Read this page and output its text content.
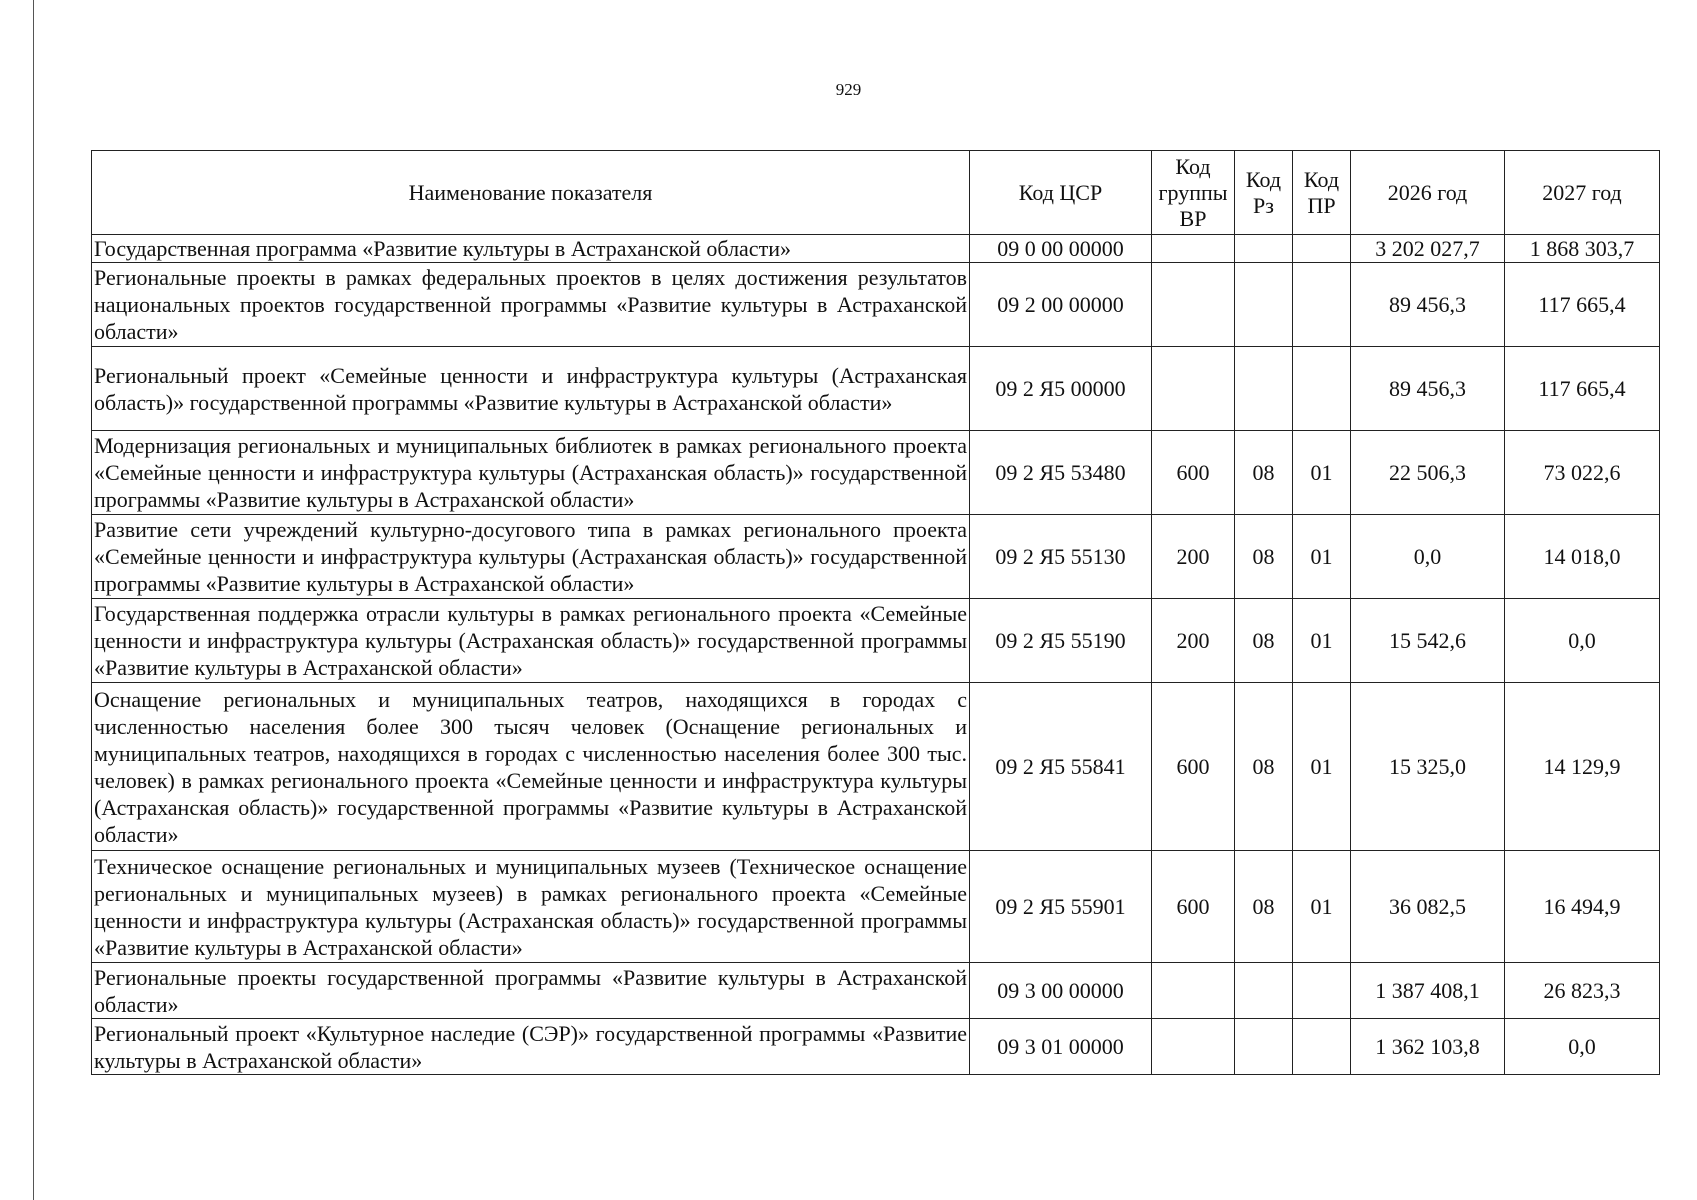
929
Наименование показателя	Код ЦСР	Код группы ВР	Код Рз	Код ПР	2026 год	2027 год
Государственная программа «Развитие культуры в Астраханской области»	09 0 00 00000				3 202 027,7	1 868 303,7
Региональные проекты в рамках федеральных проектов в целях достижения результатов национальных проектов государственной программы «Развитие культуры в Астраханской области»	09 2 00 00000				89 456,3	117 665,4
Региональный проект «Семейные ценности и инфраструктура культуры (Астраханская область)» государственной программы «Развитие культуры в Астраханской области»	09 2 Я5 00000				89 456,3	117 665,4
Модернизация региональных и муниципальных библиотек в рамках регионального проекта «Семейные ценности и инфраструктура культуры (Астраханская область)» государственной программы «Развитие культуры в Астраханской области»	09 2 Я5 53480	600	08	01	22 506,3	73 022,6
Развитие сети учреждений культурно-досугового типа в рамках регионального проекта «Семейные ценности и инфраструктура культуры (Астраханская область)» государственной программы «Развитие культуры в Астраханской области»	09 2 Я5 55130	200	08	01	0,0	14 018,0
Государственная поддержка отрасли культуры в рамках регионального проекта «Семейные ценности и инфраструктура культуры (Астраханская область)» государственной программы «Развитие культуры в Астраханской области»	09 2 Я5 55190	200	08	01	15 542,6	0,0
Оснащение региональных и муниципальных театров, находящихся в городах с численностью населения более 300 тысяч человек (Оснащение региональных и муниципальных театров, находящихся в городах с численностью населения более 300 тыс. человек) в рамках регионального проекта «Семейные ценности и инфраструктура культуры (Астраханская область)» государственной программы «Развитие культуры в Астраханской области»	09 2 Я5 55841	600	08	01	15 325,0	14 129,9
Техническое оснащение региональных и муниципальных музеев (Техническое оснащение региональных и муниципальных музеев) в рамках регионального проекта «Семейные ценности и инфраструктура культуры (Астраханская область)» государственной программы «Развитие культуры в Астраханской области»	09 2 Я5 55901	600	08	01	36 082,5	16 494,9
Региональные проекты государственной программы «Развитие культуры в Астраханской области»	09 3 00 00000				1 387 408,1	26 823,3
Региональный проект «Культурное наследие (СЭР)» государственной программы «Развитие культуры в Астраханской области»	09 3 01 00000				1 362 103,8	0,0
